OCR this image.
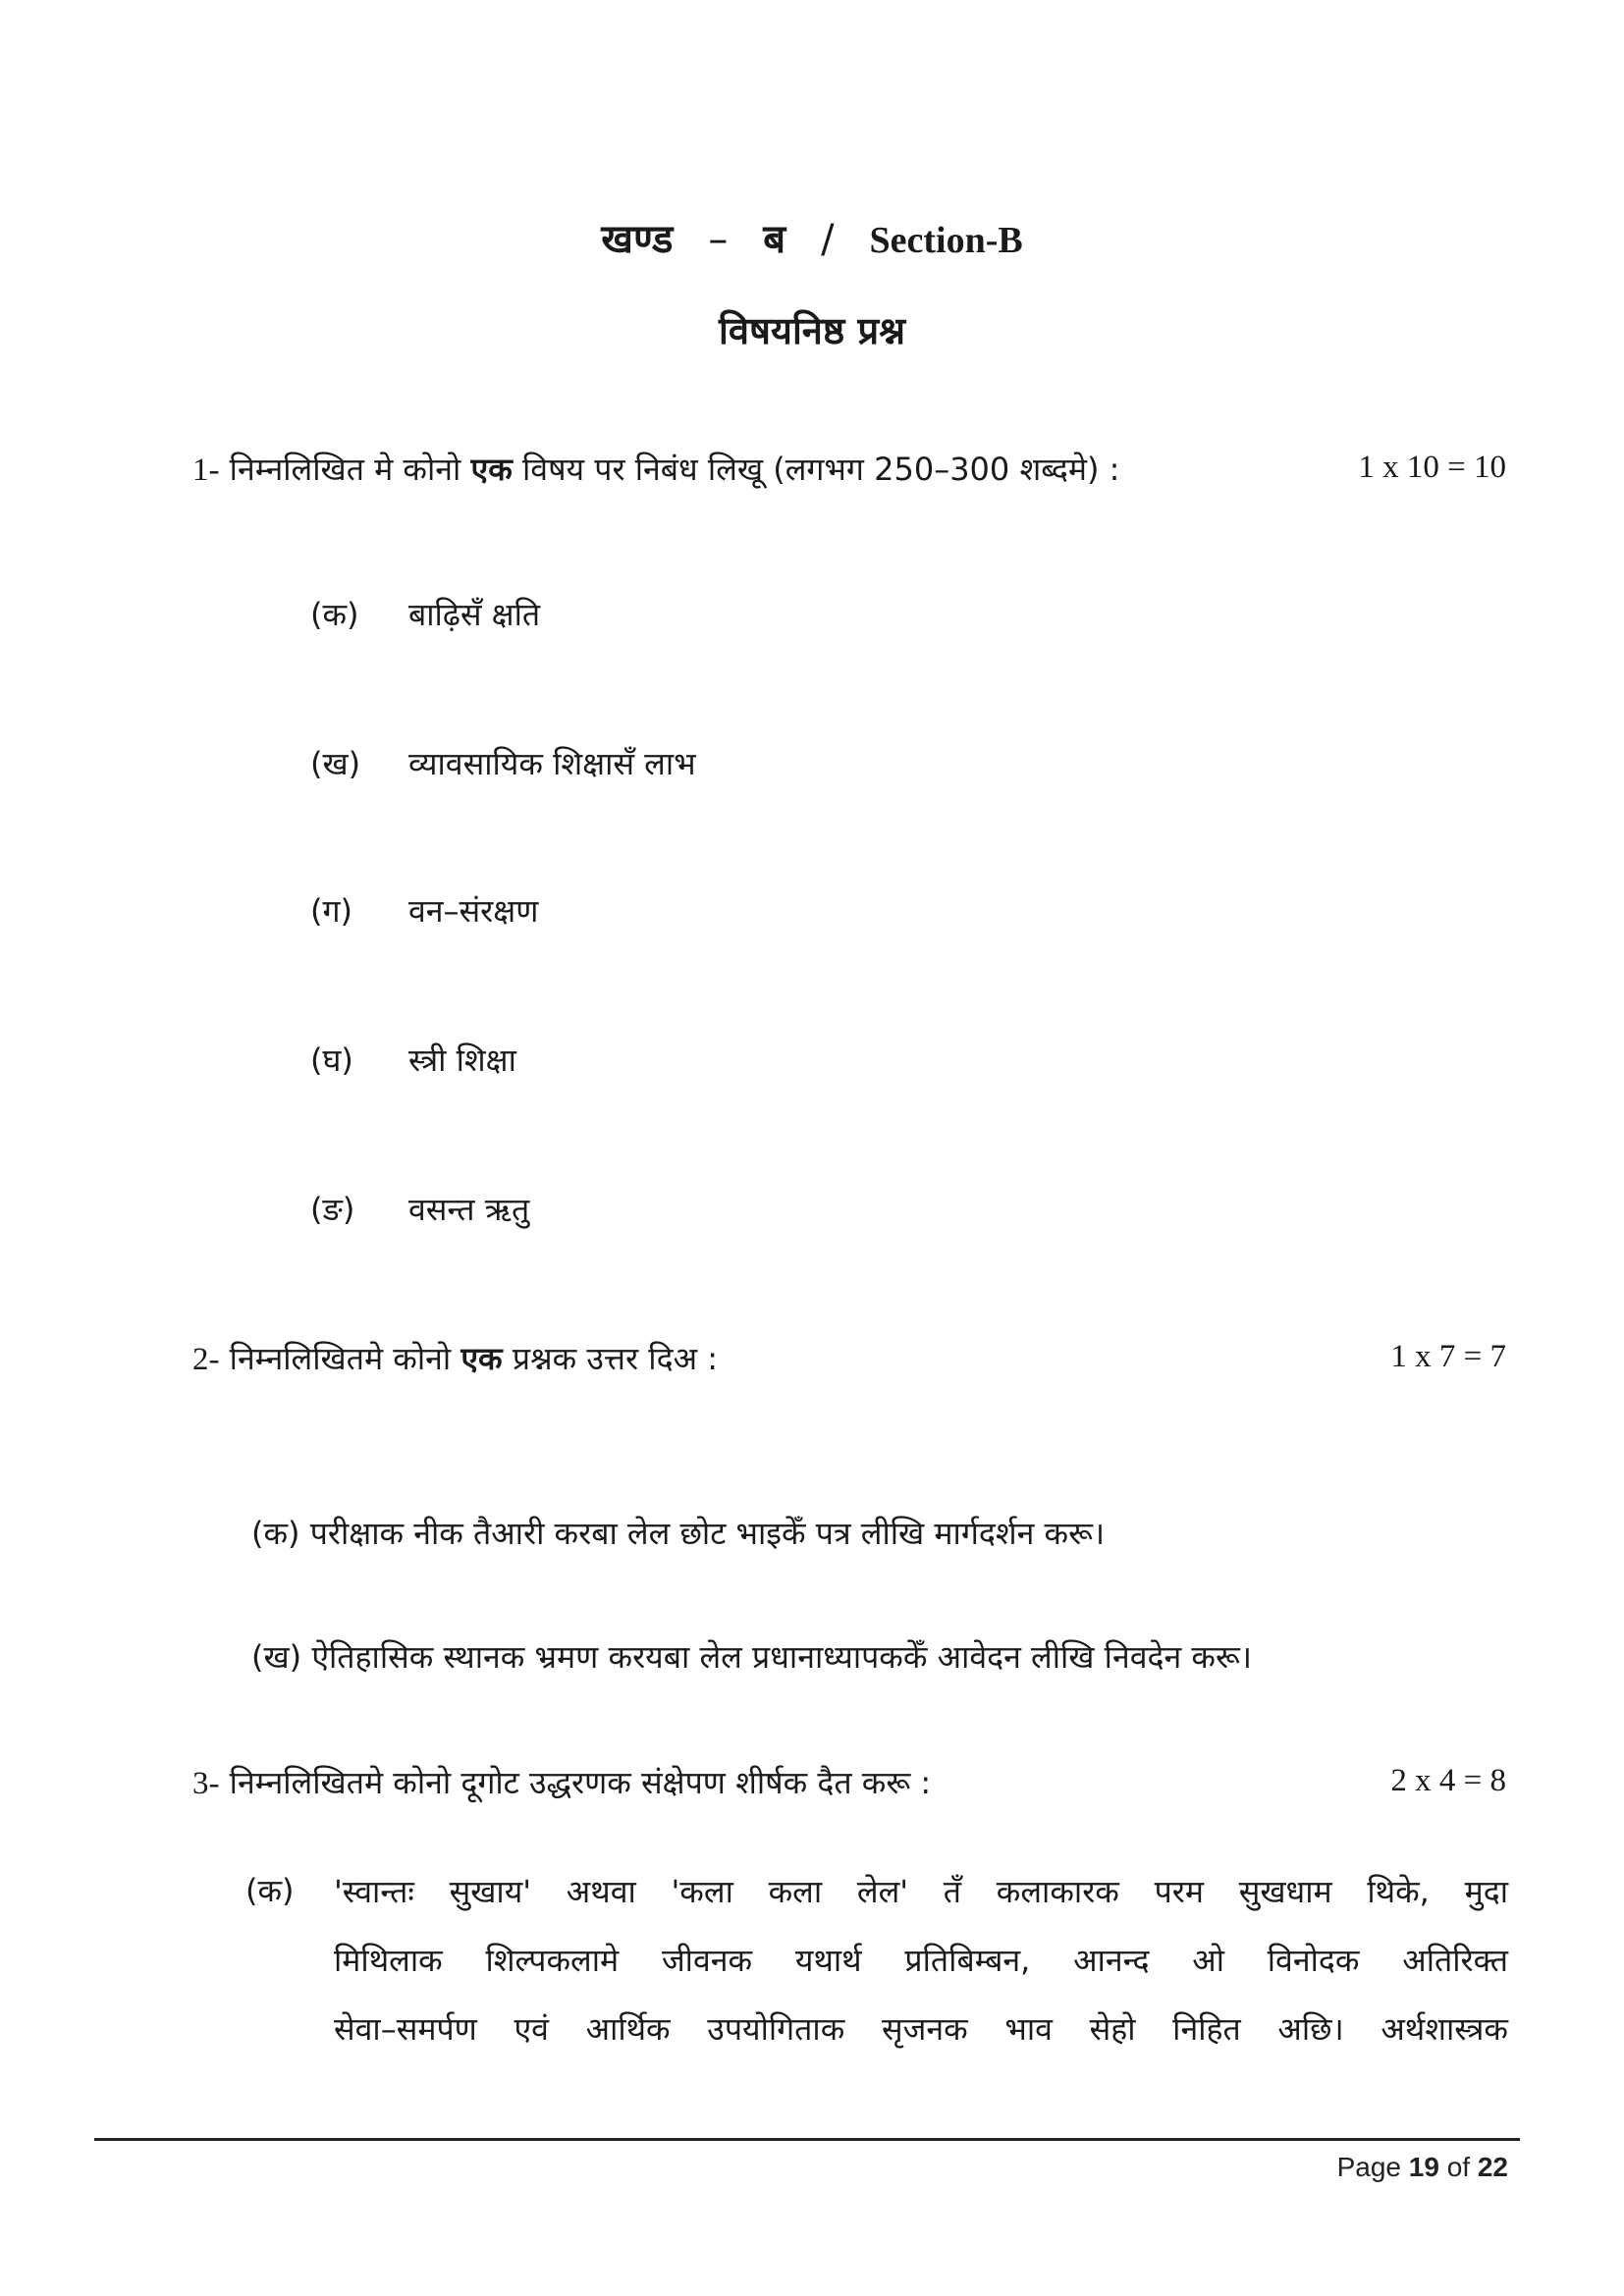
खण्ड – ब / Section-B
विषयनिष्ठ प्रश्न
1- निम्नलिखित मे कोनो एक विषय पर निबंध लिखू (लगभग 250–300 शब्दमे) :	1 x 10 = 10
(क) बाढ़िसँ क्षति
(ख) व्यावसायिक शिक्षासँ लाभ
(ग) वन–संरक्षण
(घ) स्त्री शिक्षा
(ङ) वसन्त ऋतु
2- निम्नलिखितमे कोनो एक प्रश्नक उत्तर दिअ :	1 x 7 = 7
(क) परीक्षाक नीक तैआरी करबा लेल छोट भाइकेँ पत्र लीखि मार्गदर्शन करू।
(ख) ऐतिहासिक स्थानक भ्रमण करयबा लेल प्रधानाध्यापककेँ आवेदन लीखि निवदेन करू।
3- निम्नलिखितमे कोनो दूगोट उद्धरणक संक्षेपण शीर्षक दैत करू :	2 x 4 = 8
(क) 'स्वान्तः सुखाय' अथवा 'कला कला लेल' तँ कलाकारक परम सुखधाम थिके, मुदा
मिथिलाक शिल्पकलामे जीवनक यथार्थ प्रतिबिम्बन, आनन्द ओ विनोदक अतिरिक्त
सेवा–समर्पण एवं आर्थिक उपयोगिताक सृजनक भाव सेहो निहित अछि। अर्थशास्त्रक
Page 19 of 22
